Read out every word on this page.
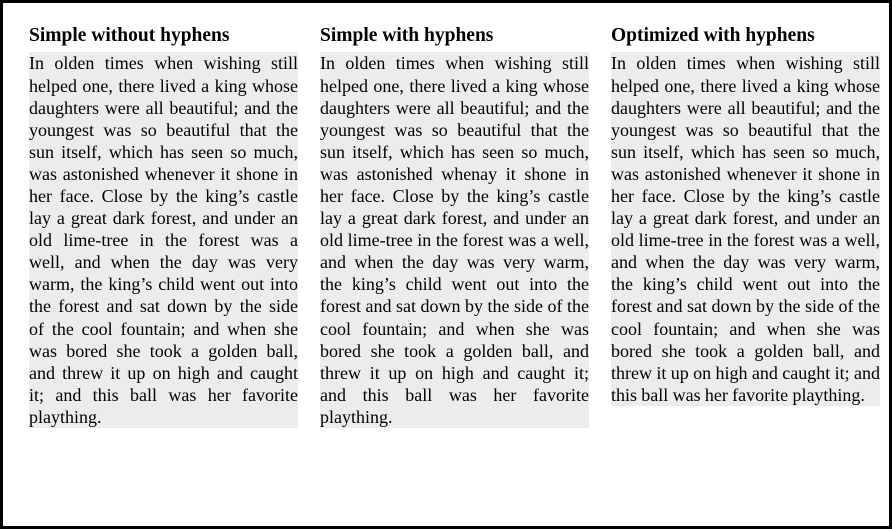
Simple without hyphens
In olden times when wishing still helped one, there lived a king whose daughters were all beautiful; and the youngest was so beautiful that the sun itself, which has seen so much, was astonished whenever it shone in her face. Close by the king’s castle lay a great dark forest, and under an old lime-tree in the forest was a well, and when the day was very warm, the king’s child went out into the forest and sat down by the side of the cool fountain; and when she was bored she took a golden ball, and threw it up on high and caught it; and this ball was her favorite plaything.
Simple with hyphens
In olden times when wishing still helped one, there lived a king whose daughters were all beautiful; and the youngest was so beautiful that the sun itself, which has seen so much, was astonished whenay it shone in her face. Close by the king’s castle lay a great dark forest, and under an old lime-tree in the forest was a well, and when the day was very warm, the king’s child went out into the forest and sat down by the side of the cool fountain; and when she was bored she took a golden ball, and threw it up on high and caught it; and this ball was her favorite plaything.
Optimized with hyphens
In olden times when wishing still helped one, there lived a king whose daughters were all beautiful; and the youngest was so beautiful that the sun itself, which has seen so much, was astonished whenever it shone in her face. Close by the king’s castle lay a great dark forest, and under an old lime-tree in the forest was a well, and when the day was very warm, the king’s child went out into the forest and sat down by the side of the cool fountain; and when she was bored she took a golden ball, and threw it up on high and caught it; and this ball was her favorite plaything.
